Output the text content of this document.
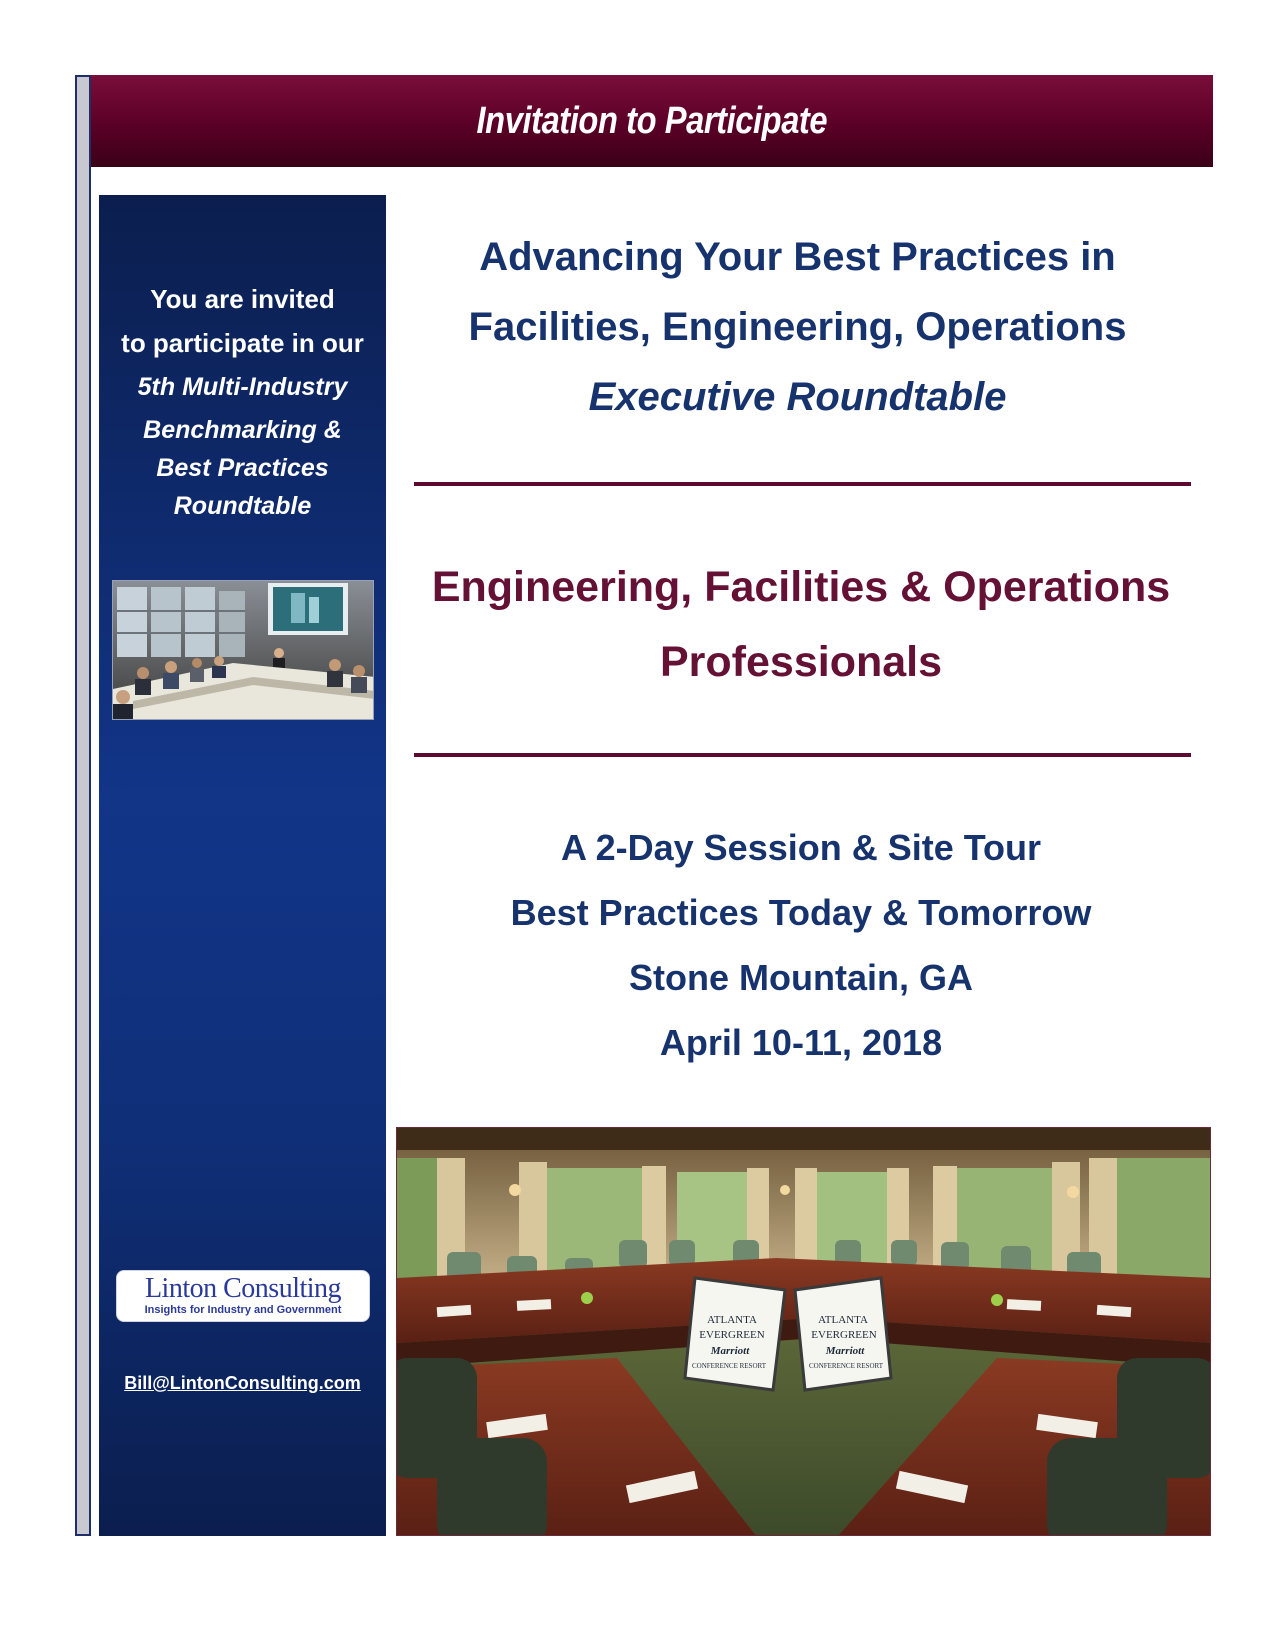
Invitation to Participate
You are invited
to participate in our
5th Multi-Industry
Benchmarking &
Best Practices
Roundtable
Linton Consulting
Insights for Industry and Government
Bill@LintonConsulting.com
Advancing Your Best Practices in
Facilities, Engineering, Operations
Executive Roundtable
Engineering, Facilities & Operations
Professionals
A 2-Day Session & Site Tour
Best Practices Today & Tomorrow
Stone Mountain, GA
April 10-11, 2018
ATLANTA
EVERGREEN
Marriott
CONFERENCE RESORT
ATLANTA
EVERGREEN
Marriott
CONFERENCE RESORT
